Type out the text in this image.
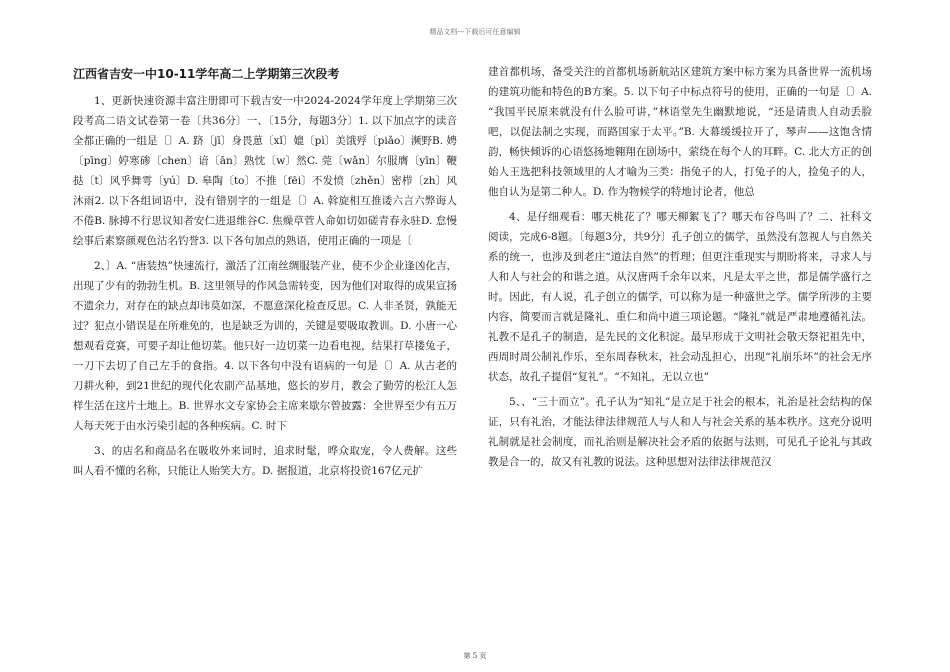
精品文档---下载后可任意编辑
江西省吉安一中10-11学年高二上学期第三次段考

1、更新快速资源丰富注册即可下载吉安一中2024-2024学年度上学期第三次段考高二语文试卷第一卷〔共36分〕一、〔15分，每题3分〕1. 以下加点字的读音全都正确的一组是〔〕A. 跻〔jī〕身畏葸〔xǐ〕媲〔pì〕美饿殍〔piǎo〕濒野B. 娉〔pīng〕婷寒碜〔chen〕谙〔ān〕熟忱〔w〕然C. 莞〔wǎn〕尔服膺〔yīn〕鞭挞〔t〕风乎舞雩〔yú〕D. 皋陶〔to〕不推〔fēi〕不发愤〔zhěn〕密栉〔zh〕风沐雨2. 以下各组词语中，没有错别字的一组是〔〕A. 斡旋相互推诿六言六弊诲人不倦B. 脉搏不行思议知者安仁进退维谷C. 焦燥草菅人命如切如磋青春永驻D. 怠慢绘事后素察颜观色沽名钓誉3. 以下各句加点的熟语，使用正确的一项是〔

2、〕A. “唐装热”快速流行，激活了江南丝绸服装产业，使不少企业逢凶化吉，出现了少有的勃勃生机。B. 这里领导的作风急需转变，因为他们对取得的成果宣扬不遗余力，对存在的缺点却讳莫如深，不愿意深化检查反思。C. 人非圣贤，孰能无过？犯点小错误是在所难免的，也是缺乏为训的，关键是要吸取教训。D. 小唐一心想观看竞赛，可要子却让他切菜。他只好一边切菜一边看电视，结果打草搂兔子，一刀下去切了自己左手的食指。4. 以下各句中没有语病的一句是〔〕A. 从古老的刀耕火种，到21世纪的现代化农副产品基地，悠长的岁月，教会了勤劳的松江人怎样生活在这片土地上。B. 世界水文专家协会主席来歇尔曾披露：全世界至少有五万人每天死于由水污染引起的各种疾病。C. 时下

3、的店名和商品名在吸收外来词时，追求时髦，哗众取宠，令人费解。这些叫人看不懂的名称，只能让人贻笑大方。D. 据报道，北京将投资167亿元扩

建首都机场，备受关注的首都机场新航站区建筑方案中标方案为具备世界一流机场的建筑功能和特色的B方案。5. 以下句子中标点符号的使用，正确的一句是〔〕A. “我国平民原来就没有什么脸可讲，”林语堂先生幽默地说，“还是请贵人自动丢脸吧，以促法制之实现，而路国家于太平。”B. 大幕缓缓拉开了，琴声——这饱含情韵，畅快倾诉的心语悠扬地翱翔在剧场中，萦绕在每个人的耳畔。C. 北大方正的创始人王选把科技领域里的人才喻为三类：指兔子的人，打兔子的人，捡兔子的人，他自认为是第二种人。D. 作为物候学的特地讨论者，他总

4、是仔细观看：哪天桃花了？哪天柳絮飞了？哪天布谷鸟叫了？二、社科文阅读，完成6-8题。〔每题3分，共9分〕孔子创立的儒学，虽然没有忽视人与自然关系的统一，也涉及到老庄“道法自然”的哲理；但更注重现实与期盼将来，寻求人与人和人与社会的和谐之道。从汉唐两千余年以来，凡是太平之世，都是儒学盛行之时。因此，有人说，孔子创立的儒学，可以称为是一种盛世之学。儒学所涉的主要内容，简要而言就是隆礼、重仁和尚中道三项论题。“隆礼”就是严肃地遵循礼法。礼教不是孔子的制造，是先民的文化积淀。最早形成于文明社会敬天祭祀祖先中，西周时周公制礼作乐，至东周春秋末，社会动乱担心，出现“礼崩乐坏”的社会无序状态，故孔子提倡“复礼”。“不知礼，无以立也”

5、、“三十而立”。孔子认为“知礼”是立足于社会的根本，礼治是社会结构的保证，只有礼治，才能法律法律规范人与人和人与社会关系的基本秩序。这充分说明礼制就是社会制度，而礼治则是解决社会矛盾的依据与法则，可见孔子论礼与其政教是合一的，故又有礼教的说法。这种思想对法律法律规范汉

第 5 页
